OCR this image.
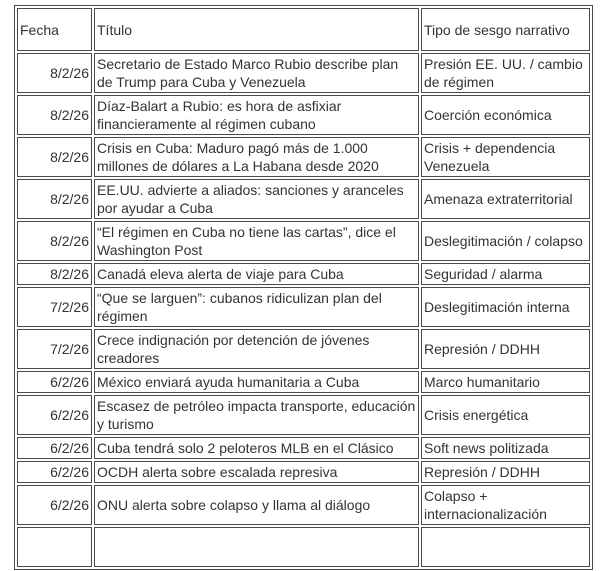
Fecha	Título	Tipo de sesgo narrativo
8/2/26	Secretario de Estado Marco Rubio describe plan de Trump para Cuba y Venezuela	Presión EE. UU. / cambio de régimen
8/2/26	Díaz-Balart a Rubio: es hora de asfixiar financieramente al régimen cubano	Coerción económica
8/2/26	Crisis en Cuba: Maduro pagó más de 1.000 millones de dólares a La Habana desde 2020	Crisis + dependencia Venezuela
8/2/26	EE.UU. advierte a aliados: sanciones y aranceles por ayudar a Cuba	Amenaza extraterritorial
8/2/26	“El régimen en Cuba no tiene las cartas”, dice el Washington Post	Deslegitimación / colapso
8/2/26	Canadá eleva alerta de viaje para Cuba	Seguridad / alarma
7/2/26	“Que se larguen”: cubanos ridiculizan plan del régimen	Deslegitimación interna
7/2/26	Crece indignación por detención de jóvenes creadores	Represión / DDHH
6/2/26	México enviará ayuda humanitaria a Cuba	Marco humanitario
6/2/26	Escasez de petróleo impacta transporte, educación y turismo	Crisis energética
6/2/26	Cuba tendrá solo 2 peloteros MLB en el Clásico	Soft news politizada
6/2/26	OCDH alerta sobre escalada represiva	Represión / DDHH
6/2/26	ONU alerta sobre colapso y llama al diálogo	Colapso + internacionalización
